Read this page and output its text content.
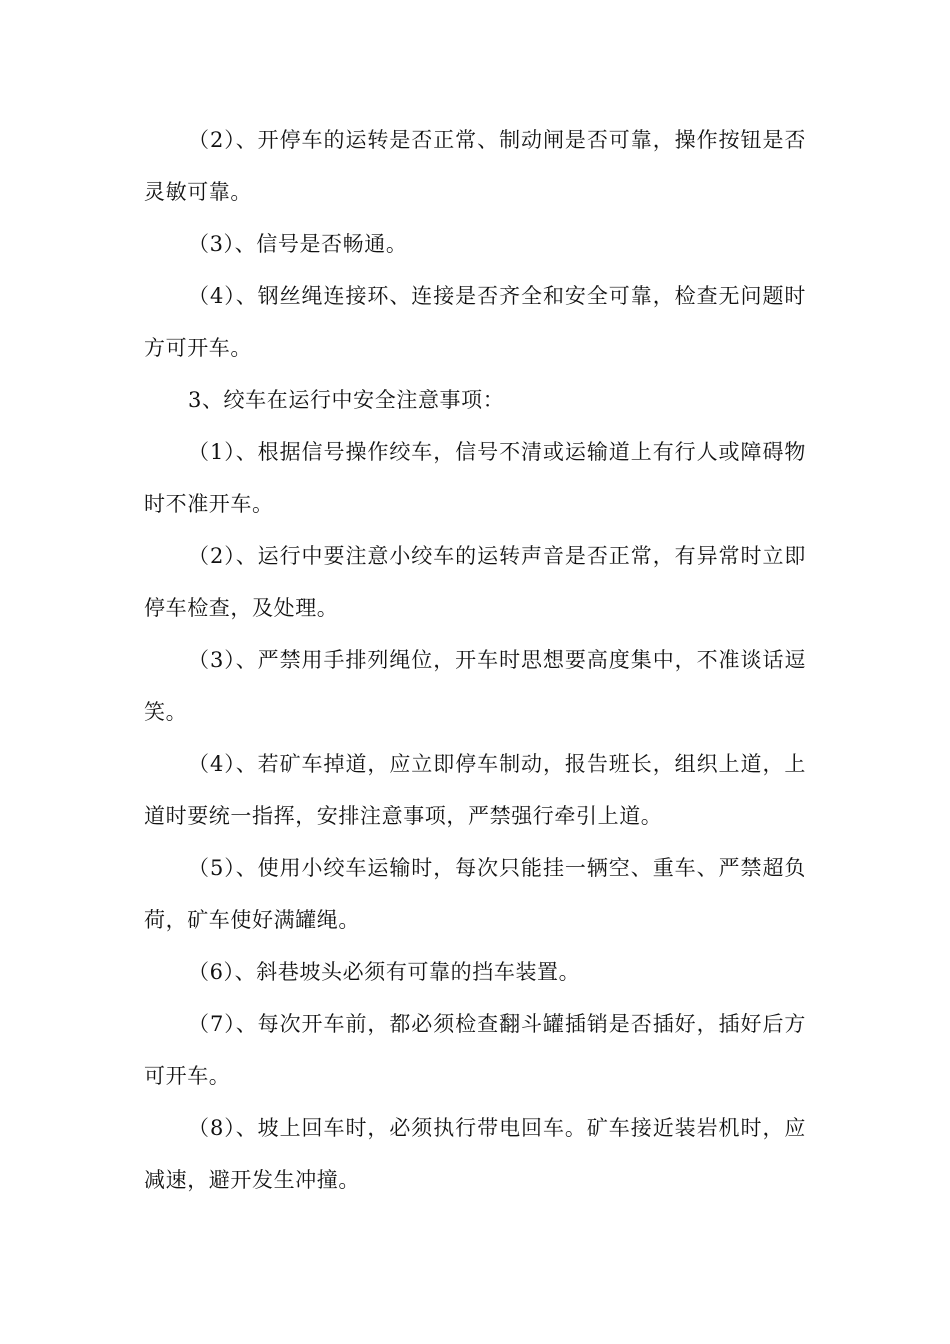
（2）、开停车的运转是否正常、制动闸是否可靠，操作按钮是否灵敏可靠。

（3）、信号是否畅通。

（4）、钢丝绳连接环、连接是否齐全和安全可靠，检查无问题时方可开车。

3、绞车在运行中安全注意事项：

（1）、根据信号操作绞车，信号不清或运输道上有行人或障碍物时不准开车。

（2）、运行中要注意小绞车的运转声音是否正常，有异常时立即停车检查，及处理。

（3）、严禁用手排列绳位，开车时思想要高度集中，不准谈话逗笑。

（4）、若矿车掉道，应立即停车制动，报告班长，组织上道，上道时要统一指挥，安排注意事项，严禁强行牵引上道。

（5）、使用小绞车运输时，每次只能挂一辆空、重车、严禁超负荷，矿车使好满罐绳。

（6）、斜巷坡头必须有可靠的挡车装置。

（7）、每次开车前，都必须检查翻斗罐插销是否插好，插好后方可开车。

（8）、坡上回车时，必须执行带电回车。矿车接近装岩机时，应减速，避开发生冲撞。
